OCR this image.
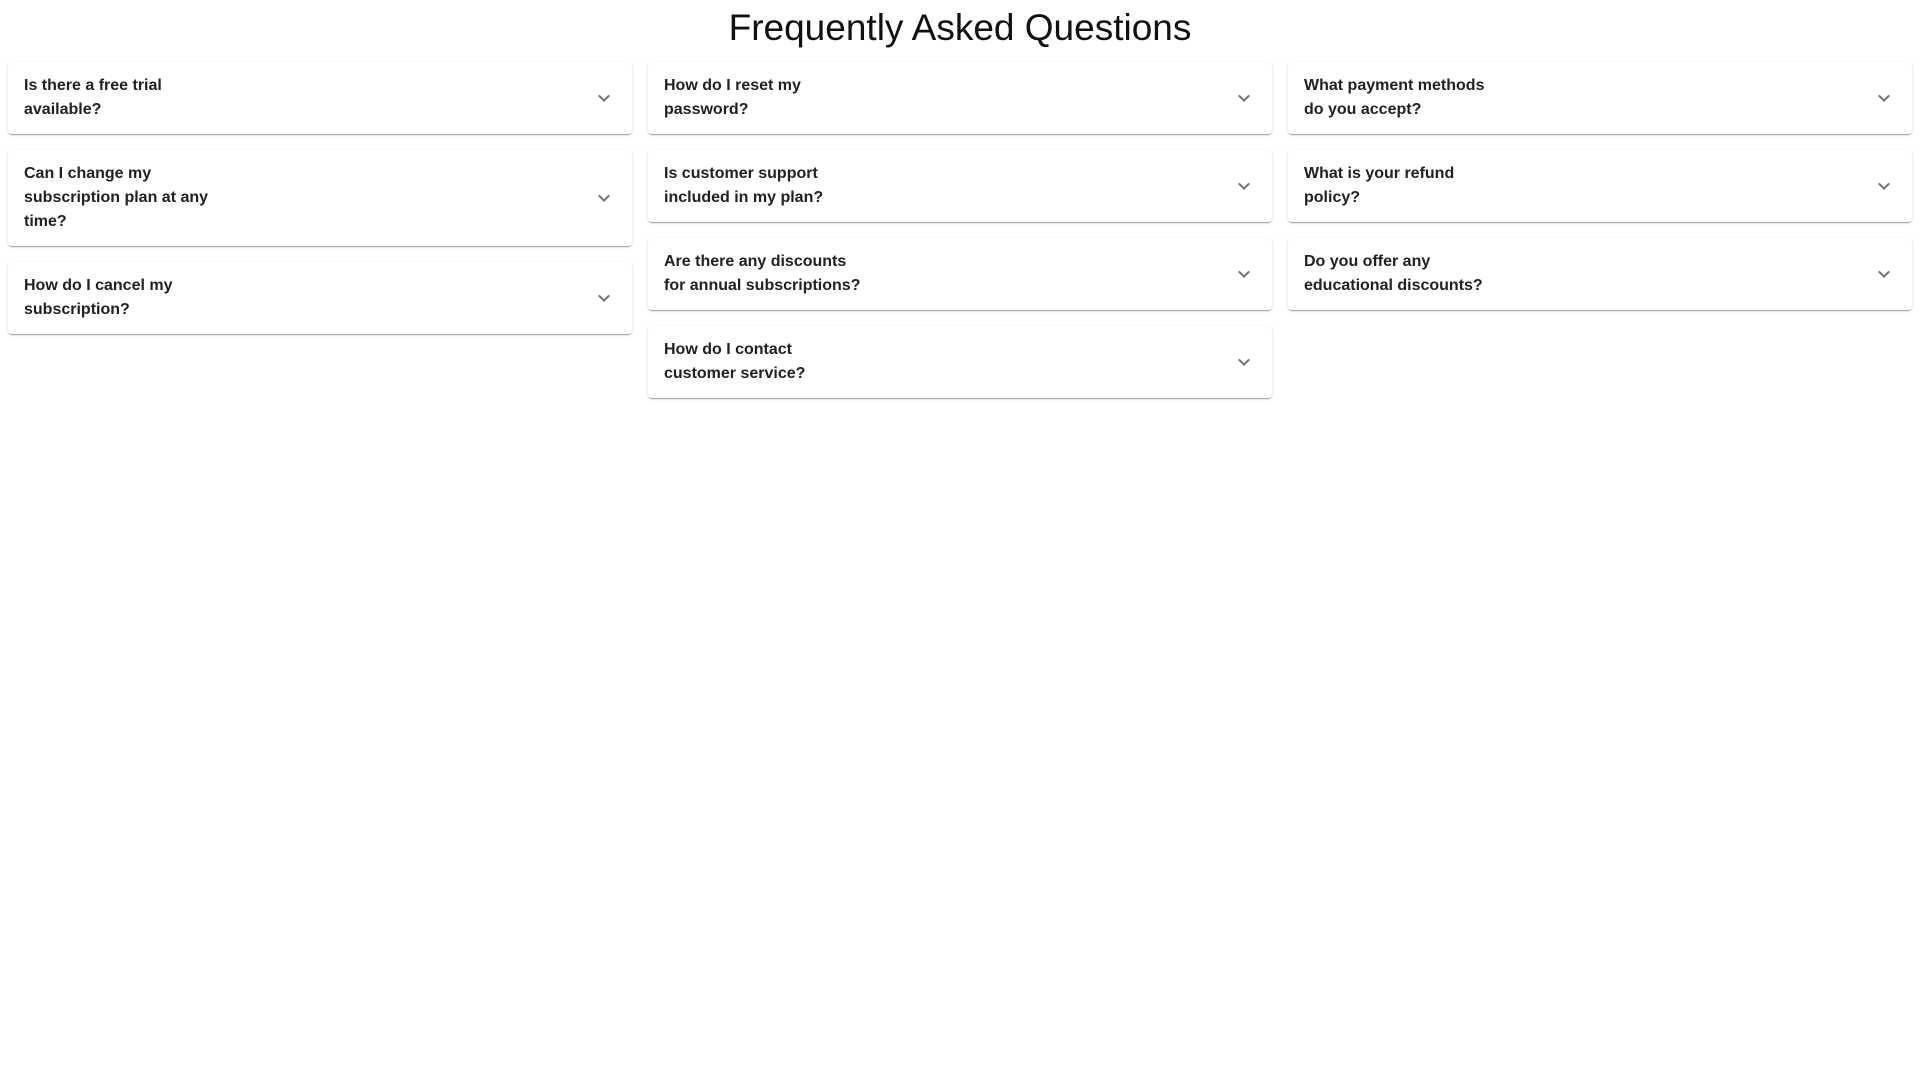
Frequently Asked Questions
Is there a free trial available?
Can I change my subscription plan at any time?
How do I cancel my subscription?
How do I reset my password?
Is customer support included in my plan?
Are there any discounts for annual subscriptions?
How do I contact customer service?
What payment methods do you accept?
What is your refund policy?
Do you offer any educational discounts?
